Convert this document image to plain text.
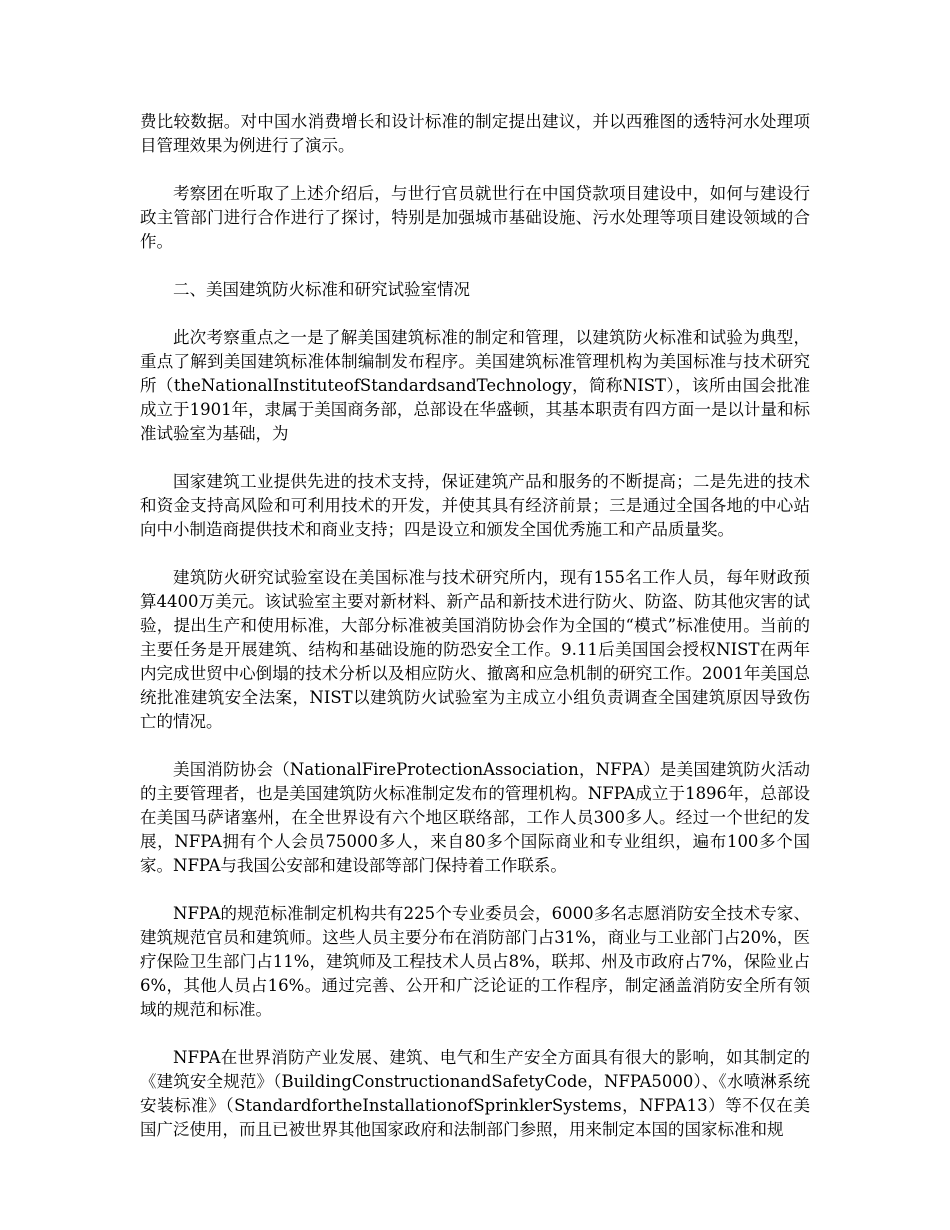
费比较数据。对中国水消费增长和设计标准的制定提出建议，并以西雅图的透特河水处理项目管理效果为例进行了演示。

考察团在听取了上述介绍后，与世行官员就世行在中国贷款项目建设中，如何与建设行政主管部门进行合作进行了探讨，特别是加强城市基础设施、污水处理等项目建设领域的合作。

二、美国建筑防火标准和研究试验室情况

此次考察重点之一是了解美国建筑标准的制定和管理，以建筑防火标准和试验为典型，重点了解到美国建筑标准体制编制发布程序。美国建筑标准管理机构为美国标准与技术研究所（theNationalInstituteofStandardsandTechnology，简称NIST），该所由国会批准成立于1901年，隶属于美国商务部，总部设在华盛顿，其基本职责有四方面一是以计量和标准试验室为基础，为

国家建筑工业提供先进的技术支持，保证建筑产品和服务的不断提高；二是先进的技术和资金支持高风险和可利用技术的开发，并使其具有经济前景；三是通过全国各地的中心站向中小制造商提供技术和商业支持；四是设立和颁发全国优秀施工和产品质量奖。

建筑防火研究试验室设在美国标准与技术研究所内，现有155名工作人员，每年财政预算4400万美元。该试验室主要对新材料、新产品和新技术进行防火、防盗、防其他灾害的试验，提出生产和使用标准，大部分标准被美国消防协会作为全国的“模式”标准使用。当前的主要任务是开展建筑、结构和基础设施的防恐安全工作。9.11后美国国会授权NIST在两年内完成世贸中心倒塌的技术分析以及相应防火、撤离和应急机制的研究工作。2001年美国总统批准建筑安全法案，NIST以建筑防火试验室为主成立小组负责调查全国建筑原因导致伤亡的情况。

美国消防协会（NationalFireProtectionAssociation，NFPA）是美国建筑防火活动的主要管理者，也是美国建筑防火标准制定发布的管理机构。NFPA成立于1896年，总部设在美国马萨诸塞州，在全世界设有六个地区联络部，工作人员300多人。经过一个世纪的发展，NFPA拥有个人会员75000多人，来自80多个国际商业和专业组织，遍布100多个国家。NFPA与我国公安部和建设部等部门保持着工作联系。

NFPA的规范标准制定机构共有225个专业委员会，6000多名志愿消防安全技术专家、建筑规范官员和建筑师。这些人员主要分布在消防部门占31%，商业与工业部门占20%，医疗保险卫生部门占11%，建筑师及工程技术人员占8%，联邦、州及市政府占7%，保险业占6%，其他人员占16%。通过完善、公开和广泛论证的工作程序，制定涵盖消防安全所有领域的规范和标准。

NFPA在世界消防产业发展、建筑、电气和生产安全方面具有很大的影响，如其制定的《建筑安全规范》（BuildingConstructionandSafetyCode，NFPA5000）、《水喷淋系统安装标准》（StandardfortheInstallationofSprinklerSystems，NFPA13）等不仅在美国广泛使用，而且已被世界其他国家政府和法制部门参照，用来制定本国的国家标准和规
